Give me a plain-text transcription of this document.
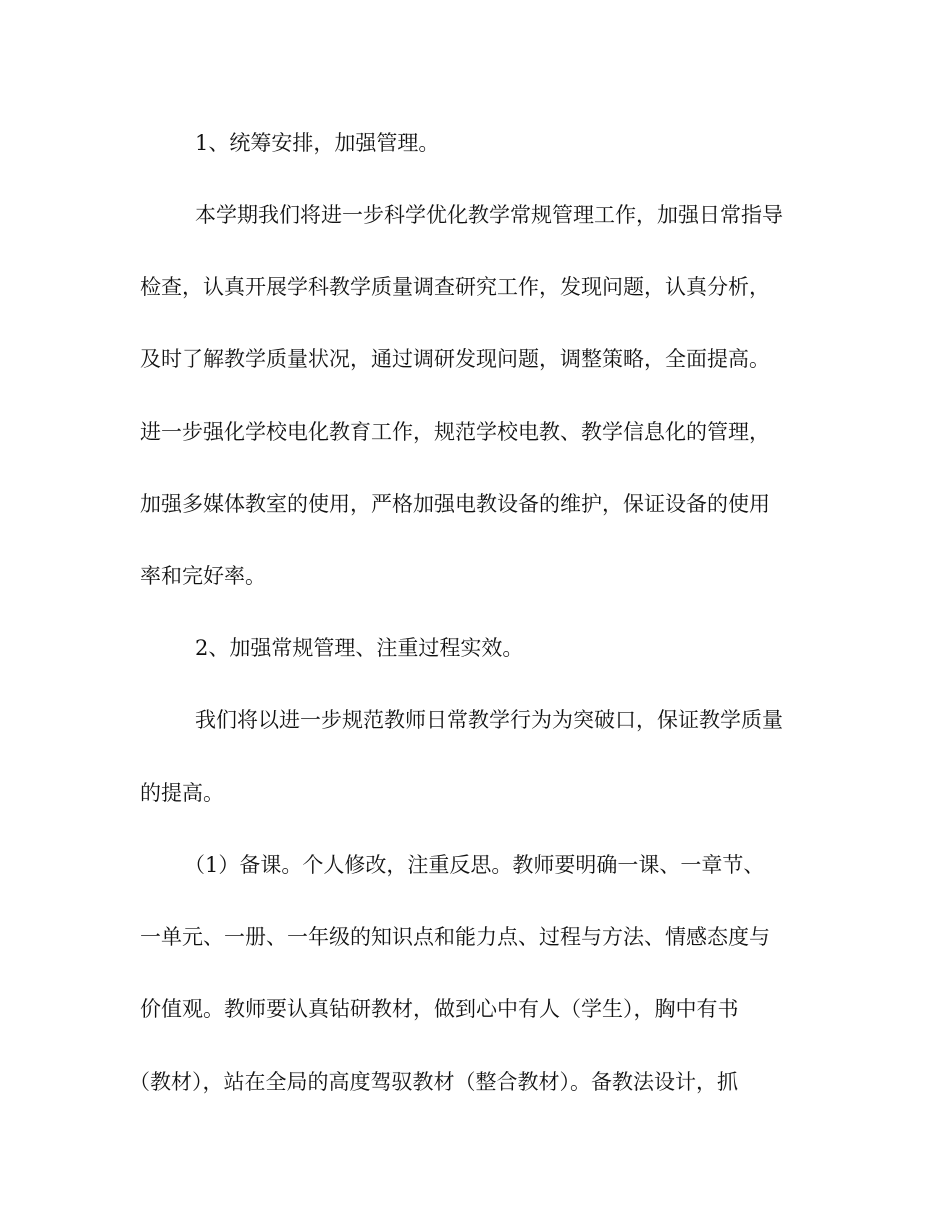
1、统筹安排，加强管理。

本学期我们将进一步科学优化教学常规管理工作，加强日常指导

检查，认真开展学科教学质量调查研究工作，发现问题，认真分析，

及时了解教学质量状况，通过调研发现问题，调整策略，全面提高。

进一步强化学校电化教育工作，规范学校电教、教学信息化的管理，

加强多媒体教室的使用，严格加强电教设备的维护，保证设备的使用

率和完好率。

2、加强常规管理、注重过程实效。

我们将以进一步规范教师日常教学行为为突破口，保证教学质量

的提高。

（1）备课。个人修改，注重反思。教师要明确一课、一章节、

一单元、一册、一年级的知识点和能力点、过程与方法、情感态度与

价值观。教师要认真钻研教材，做到心中有人（学生），胸中有书

（教材），站在全局的高度驾驭教材（整合教材）。备教法设计，抓
